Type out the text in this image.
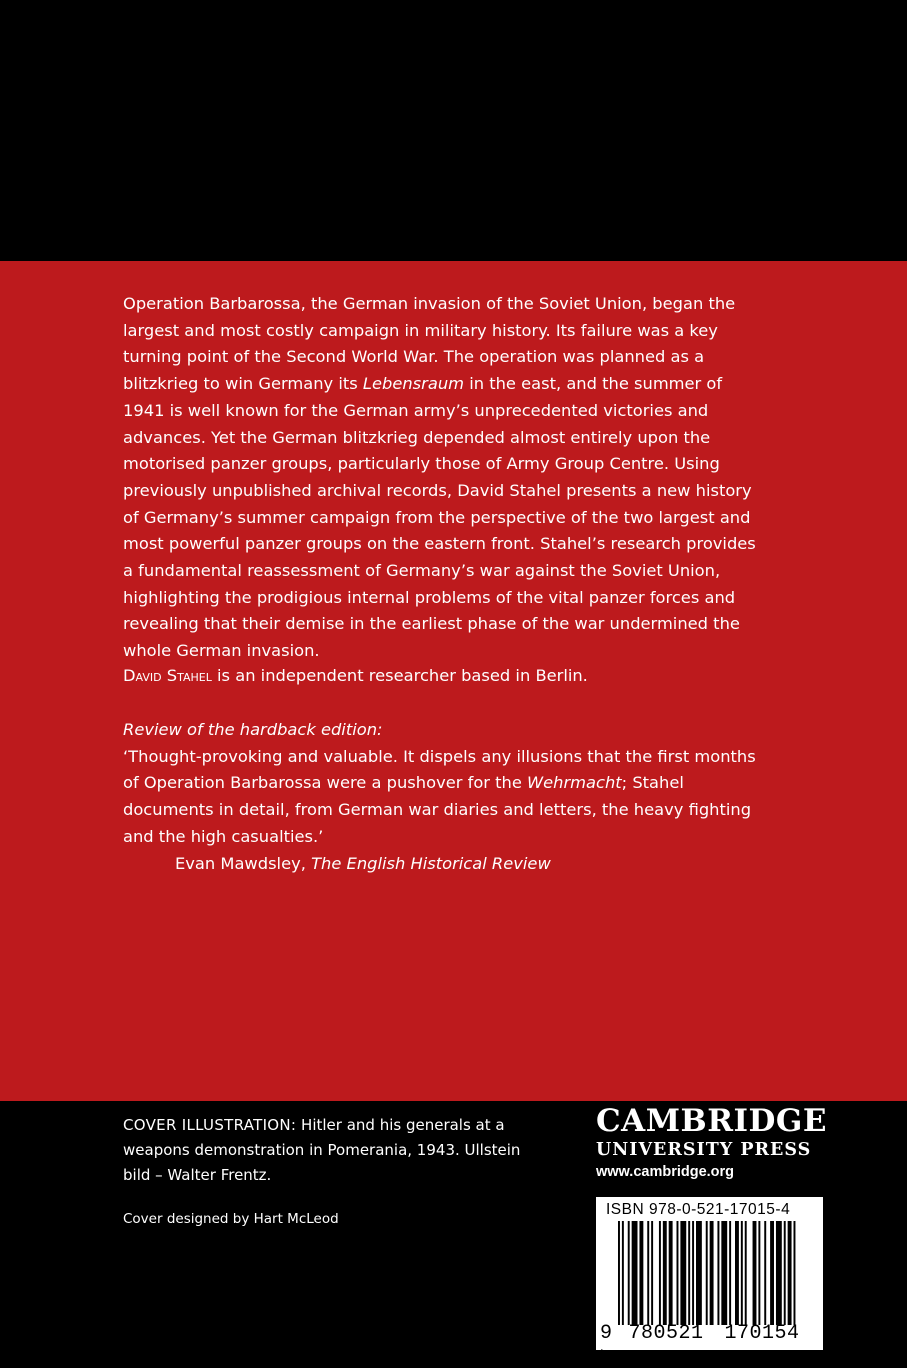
Operation Barbarossa, the German invasion of the Soviet Union, began the largest and most costly campaign in military history. Its failure was a key turning point of the Second World War. The operation was planned as a blitzkrieg to win Germany its Lebensraum in the east, and the summer of 1941 is well known for the German army’s unprecedented victories and advances. Yet the German blitzkrieg depended almost entirely upon the motorised panzer groups, particularly those of Army Group Centre. Using previously unpublished archival records, David Stahel presents a new history of Germany’s summer campaign from the perspective of the two largest and most powerful panzer groups on the eastern front. Stahel’s research provides a fundamental reassessment of Germany’s war against the Soviet Union, highlighting the prodigious internal problems of the vital panzer forces and revealing that their demise in the earliest phase of the war undermined the whole German invasion.

David Stahel is an independent researcher based in Berlin.

Review of the hardback edition:

‘Thought-provoking and valuable. It dispels any illusions that the first months of Operation Barbarossa were a pushover for the Wehrmacht; Stahel documents in detail, from German war diaries and letters, the heavy fighting and the high casualties.’

Evan Mawdsley, The English Historical Review

COVER ILLUSTRATION: Hitler and his generals at a weapons demonstration in Pomerania, 1943. Ullstein bild – Walter Frentz.

Cover designed by Hart McLeod

CAMBRIDGE
UNIVERSITY PRESS
www.cambridge.org
ISBN 978-0-521-17015-4
9 780521 170154>
